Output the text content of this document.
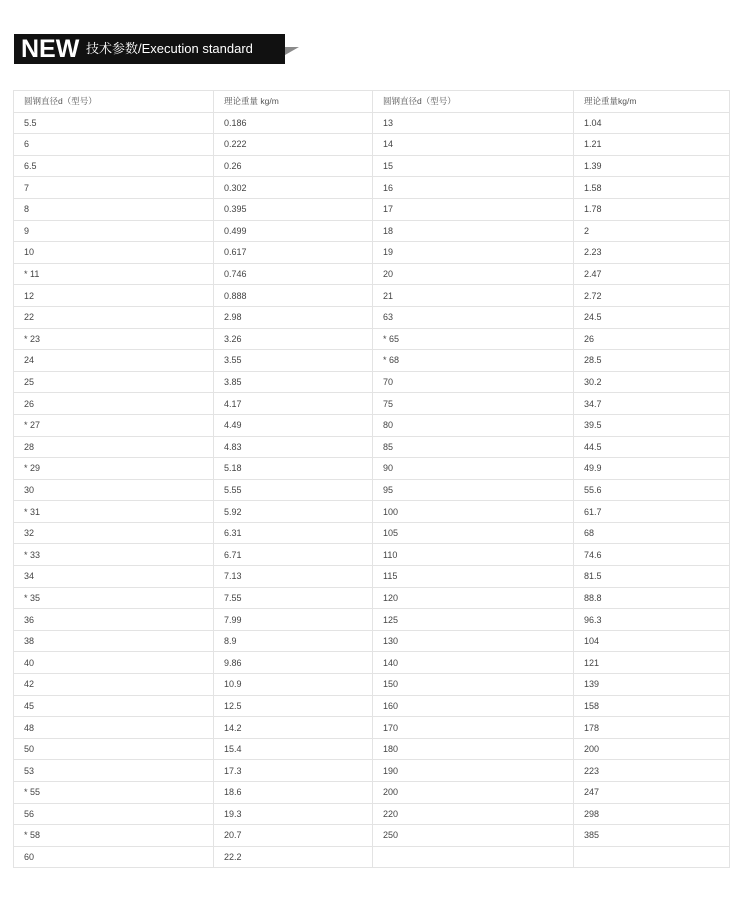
NEW 技术参数/Execution standard
圆钢直径d（型号）	理论重量 kg/m	圆钢直径d（型号）	理论重量kg/m
5.5	0.186	13	1.04
6	0.222	14	1.21
6.5	0.26	15	1.39
7	0.302	16	1.58
8	0.395	17	1.78
9	0.499	18	2
10	0.617	19	2.23
* 11	0.746	20	2.47
12	0.888	21	2.72
22	2.98	63	24.5
* 23	3.26	* 65	26
24	3.55	* 68	28.5
25	3.85	70	30.2
26	4.17	75	34.7
* 27	4.49	80	39.5
28	4.83	85	44.5
* 29	5.18	90	49.9
30	5.55	95	55.6
* 31	5.92	100	61.7
32	6.31	105	68
* 33	6.71	110	74.6
34	7.13	115	81.5
* 35	7.55	120	88.8
36	7.99	125	96.3
38	8.9	130	104
40	9.86	140	121
42	10.9	150	139
45	12.5	160	158
48	14.2	170	178
50	15.4	180	200
53	17.3	190	223
* 55	18.6	200	247
56	19.3	220	298
* 58	20.7	250	385
60	22.2		
